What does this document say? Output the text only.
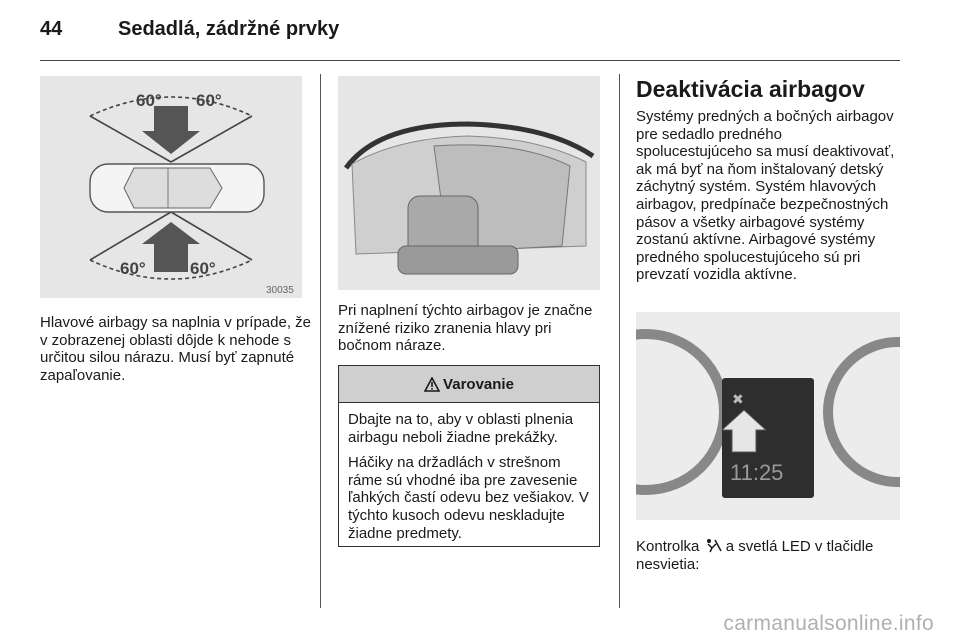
44	Sedadlá, zádržné prvky
60° 60°
60°	60°
30035
Hlavové airbagy sa naplnia v prípade, že v zobrazenej oblasti dôjde k nehode s určitou silou nárazu. Musí byť zapnuté zapaľovanie.
Pri naplnení týchto airbagov je značne znížené riziko zranenia hlavy pri bočnom náraze.
Varovanie

Dbajte na to, aby v oblasti plnenia airbagu neboli žiadne prekážky.

Háčiky na držadlách v strešnom ráme sú vhodné iba pre zavesenie ľahkých častí odevu bez vešiakov. V týchto kusoch odevu neskladujte žiadne predmety.

Deaktivácia airbagov
Systémy predných a bočných airbagov pre sedadlo predného spolucestujúceho sa musí deaktivovať, ak má byť na ňom inštalovaný detský záchytný systém. Systém hlavových airbagov, predpínače bezpečnostných pásov a všetky airbagové systémy zostanú aktívne. Airbagové systémy predného spolucestujúceho sú pri prevzatí vozidla aktívne.
11:25
✖
Kontrolka a svetlá LED v tlačidle nesvietia:
carmanualsonline.info
